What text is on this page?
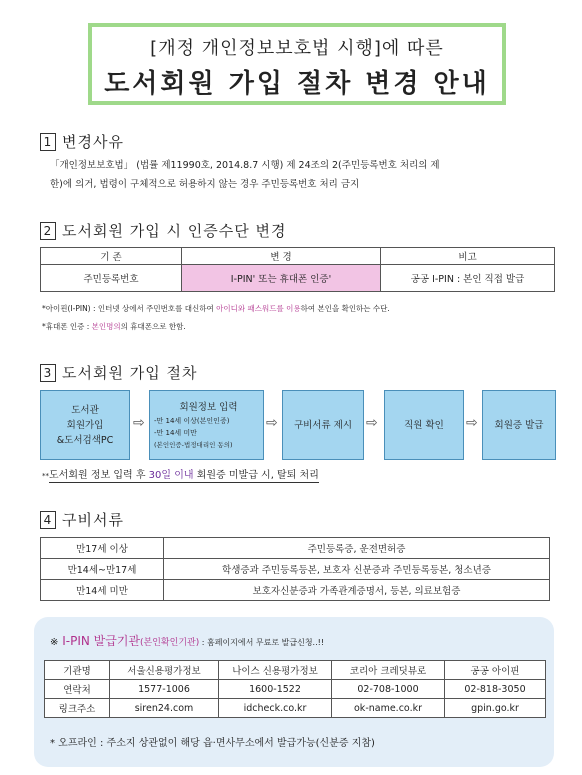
[개정 개인정보보호법 시행]에 따른
도서회원 가입 절차 변경 안내
1 변경사유
「개인정보보호법」 (법률 제11990호, 2014.8.7 시행) 제 24조의 2(주민등록번호 처리의 제
한)에 의거, 법령이 구체적으로 허용하지 않는 경우 주민등록번호 처리 금지
2 도서회원 가입 시 인증수단 변경
기 존	변 경	비고
주민등록번호	I-PIN' 또는 휴대폰 인증'	공공 I-PIN : 본인 직접 발급
*아이핀(I-PIN) : 인터넷 상에서 주민번호를 대신하여 아이디와 패스워드를 이용하여 본인을 확인하는 수단.
*휴대폰 인증 : 본인명의의 휴대폰으로 한함.
3 도서회원 가입 절차
도서관
회원가입
&도서검색PC
⇨
회원정보 입력
-만 14세 이상(본인인증)
-만 14세 미만
(본인인증-법정대리인 동의)
⇨ 구비서류 제시 ⇨	직원 확인 ⇨ 회원증 발급
**도서회원 정보 입력 후 30일 이내 회원증 미발급 시, 탈퇴 처리
4 구비서류
만17세 이상	주민등록증, 운전면허증
만14세~만17세	학생증과 주민등록등본, 보호자 신분증과 주민등록등본, 청소년증
만14세 미만	보호자신분증과 가족관계증명서, 등본, 의료보험증
※ I-PIN 발급기관(본인확인기관) : 홈페이지에서 무료로 발급신청..!!
기관명	서울신용평가정보	나이스 신용평가정보	코리아 크레딧뷰로	공공 아이핀
연락처	1577-1006	1600-1522	02-708-1000	02-818-3050
링크주소	siren24.com	idcheck.co.kr	ok-name.co.kr	gpin.go.kr
* 오프라인 : 주소지 상관없이 해당 읍·면사무소에서 발급가능(신분증 지참)
